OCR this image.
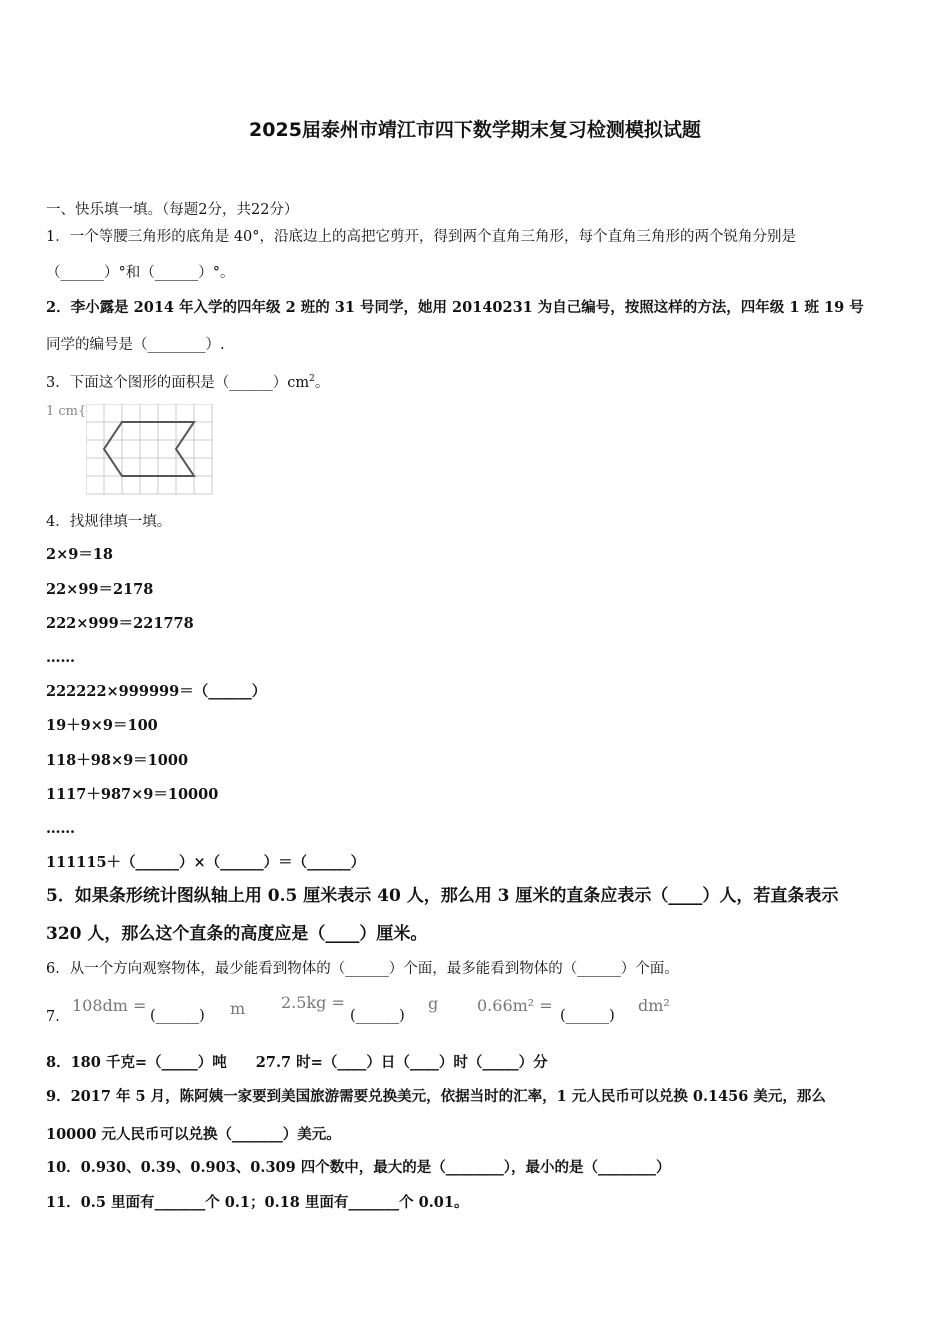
2025届泰州市靖江市四下数学期末复习检测模拟试题
一、快乐填一填。（每题2分，共22分）
1．一个等腰三角形的底角是 40°，沿底边上的高把它剪开，得到两个直角三角形，每个直角三角形的两个锐角分别是
（______）°和（______）°。
2．李小露是 2014 年入学的四年级 2 班的 31 号同学，她用 20140231 为自己编号，按照这样的方法，四年级 1 班 19 号
同学的编号是（________）.
3．下面这个图形的面积是$(\_\_\_\_\_\_)cm^2$。
1 cm{
4．找规律填一填。
2×9＝18
22×99＝2178
222×999＝221778
……
222222×999999＝（______）
19＋9×9＝100
118＋98×9＝1000
1117＋987×9＝10000
……
111115＋（______）×（______）＝（______）
5．如果条形统计图纵轴上用 0.5 厘米表示 40 人，那么用 3 厘米的直条应表示（____）人，若直条表示
320 人，那么这个直条的高度应是（____）厘米。
6．从一个方向观察物体，最少能看到物体的（______）个面，最多能看到物体的（______）个面。
7．
108dm =
(______) m 2.5kg =
(______)
g 0.66m² =
(______)
dm²
8．180 千克=（_____）吨　　27.7 时=（____）日（____）时（_____）分
9．2017 年 5 月，陈阿姨一家要到美国旅游需要兑换美元，依据当时的汇率，1 元人民币可以兑换 0.1456 美元，那么
10000 元人民币可以兑换（_______）美元。
10．0.930、0.39、0.903、0.309 四个数中，最大的是（________），最小的是（________）
11．0.5 里面有_______个 0.1；0.18 里面有_______个 0.01。
